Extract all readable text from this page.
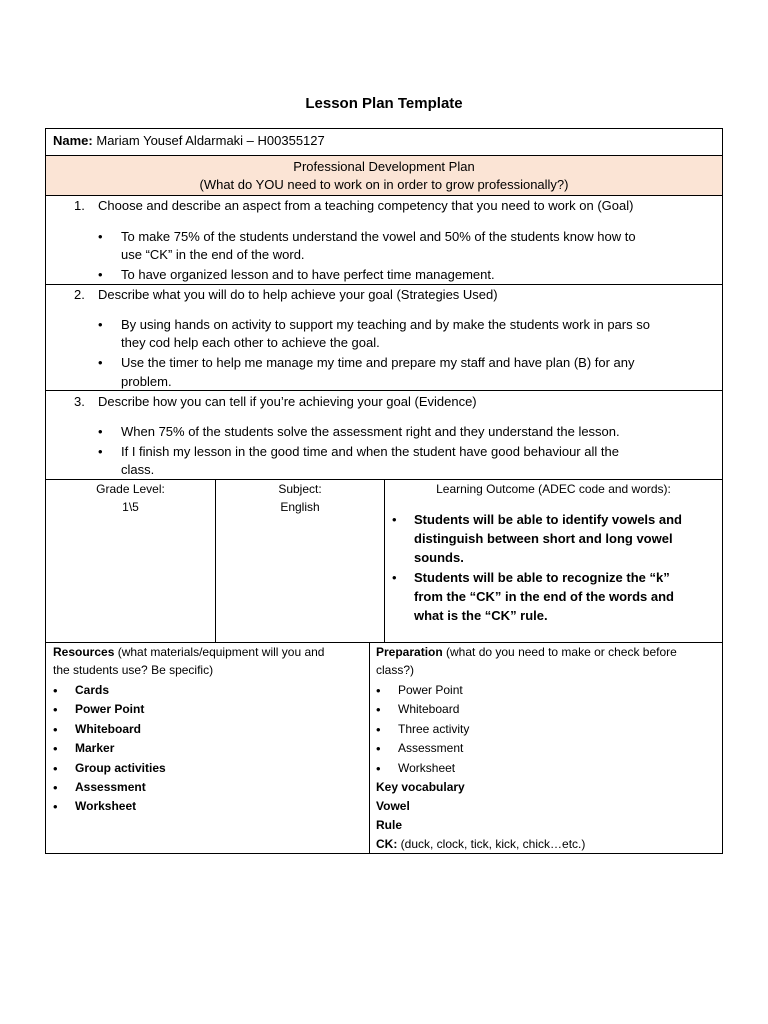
Lesson Plan Template
Name: Mariam Yousef Aldarmaki – H00355127
Professional Development Plan
(What do YOU need to work on in order to grow professionally?)
1. Choose and describe an aspect from a teaching competency that you need to work on (Goal)
• To make 75% of the students understand the vowel and 50% of the students know how to
use “CK” in the end of the word.
• To have organized lesson and to have perfect time management.
2. Describe what you will do to help achieve your goal (Strategies Used)
• By using hands on activity to support my teaching and by make the students work in pars so
they cod help each other to achieve the goal.
• Use the timer to help me manage my time and prepare my staff and have plan (B) for any
problem.
3. Describe how you can tell if you’re achieving your goal (Evidence)
• When 75% of the students solve the assessment right and they understand the lesson.
• If I finish my lesson in the good time and when the student have good behaviour all the
class.
Grade Level:
1\5
Subject:
English
Learning Outcome (ADEC code and words):
• Students will be able to identify vowels and
distinguish between short and long vowel
sounds.
• Students will be able to recognize the “k”
from the “CK” in the end of the words and
what is the “CK” rule.
Resources (what materials/equipment will you and
the students use? Be specific)
• Cards
• Power Point
• Whiteboard
• Marker
• Group activities
• Assessment
• Worksheet
Preparation (what do you need to make or check before
class?)
• Power Point
• Whiteboard
• Three activity
• Assessment
• Worksheet
Key vocabulary
Vowel
Rule
CK: (duck, clock, tick, kick, chick…etc.)
